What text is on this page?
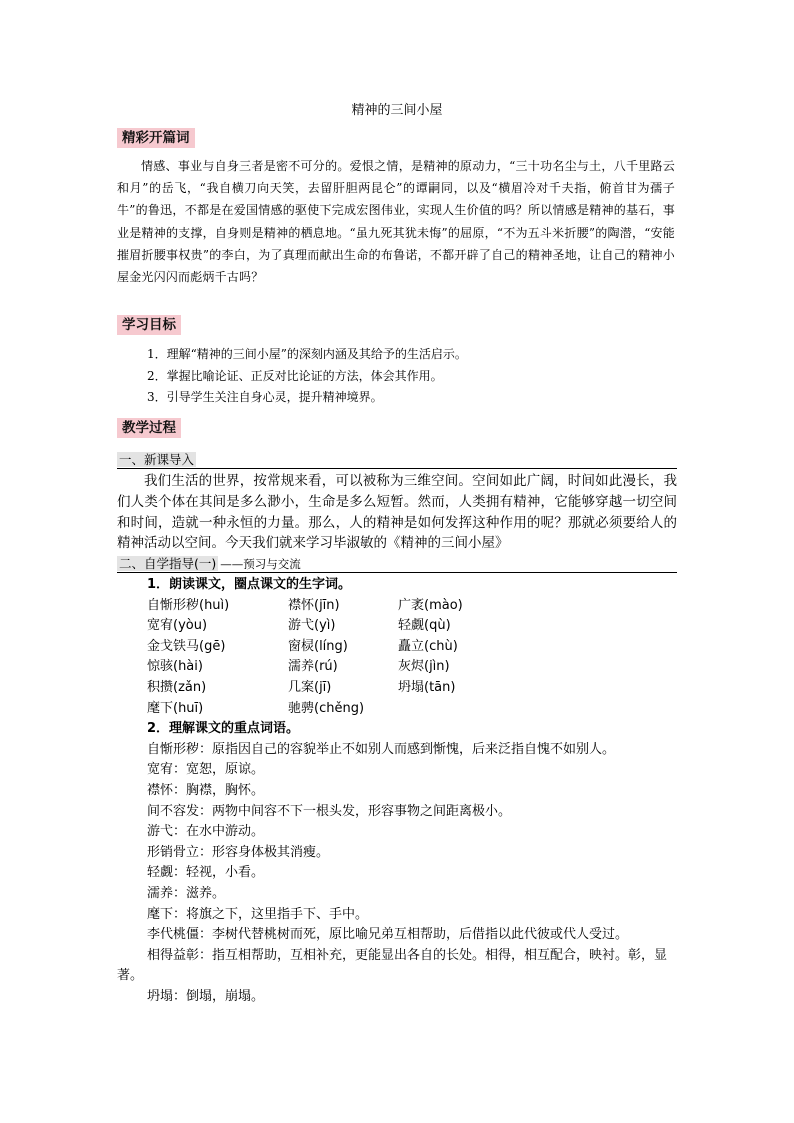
精神的三间小屋
精彩开篇词

情感、事业与自身三者是密不可分的。爱恨之情，是精神的原动力，“三十功名尘与土，八千里路云和月”的岳飞，“我自横刀向天笑，去留肝胆两昆仑”的谭嗣同，以及“横眉冷对千夫指，俯首甘为孺子牛”的鲁迅，不都是在爱国情感的驱使下完成宏图伟业，实现人生价值的吗？所以情感是精神的基石，事业是精神的支撑，自身则是精神的栖息地。“虽九死其犹未悔”的屈原，“不为五斗米折腰”的陶潜，“安能摧眉折腰事权贵”的李白，为了真理而献出生命的布鲁诺，不都开辟了自己的精神圣地，让自己的精神小屋金光闪闪而彪炳千古吗？

学习目标
1．理解“精神的三间小屋”的深刻内涵及其给予的生活启示。
2．掌握比喻论证、正反对比论证的方法，体会其作用。
3．引导学生关注自身心灵，提升精神境界。
教学过程
一、新课导入

我们生活的世界，按常规来看，可以被称为三维空间。空间如此广阔，时间如此漫长，我们人类个体在其间是多么渺小，生命是多么短暂。然而，人类拥有精神，它能够穿越一切空间和时间，造就一种永恒的力量。那么，人的精神是如何发挥这种作用的呢？那就必须要给人的精神活动以空间。今天我们就来学习毕淑敏的《精神的三间小屋》

二、自学指导(一) ——预习与交流
1．朗读课文，圈点课文的生字词。
自惭形秽(huì)	襟怀(jīn)	广袤(mào)
宽宥(yòu)	游弋(yì)	轻觑(qù)
金戈铁马(gē)	窗棂(líng)	矗立(chù)
惊骇(hài)	濡养(rú)	灰烬(jìn)
积攒(zǎn)	几案(jī)	坍塌(tān)
麾下(huī)	驰骋(chěng)
2．理解课文的重点词语。
自惭形秽：原指因自己的容貌举止不如别人而感到惭愧，后来泛指自愧不如别人。
宽宥：宽恕，原谅。
襟怀：胸襟，胸怀。
间不容发：两物中间容不下一根头发，形容事物之间距离极小。
游弋：在水中游动。
形销骨立：形容身体极其消瘦。
轻觑：轻视，小看。
濡养：滋养。
麾下：将旗之下，这里指手下、手中。
李代桃僵：李树代替桃树而死，原比喻兄弟互相帮助，后借指以此代彼或代人受过。
相得益彰：指互相帮助，互相补充，更能显出各自的长处。相得，相互配合，映衬。彰，显著。
坍塌：倒塌，崩塌。
